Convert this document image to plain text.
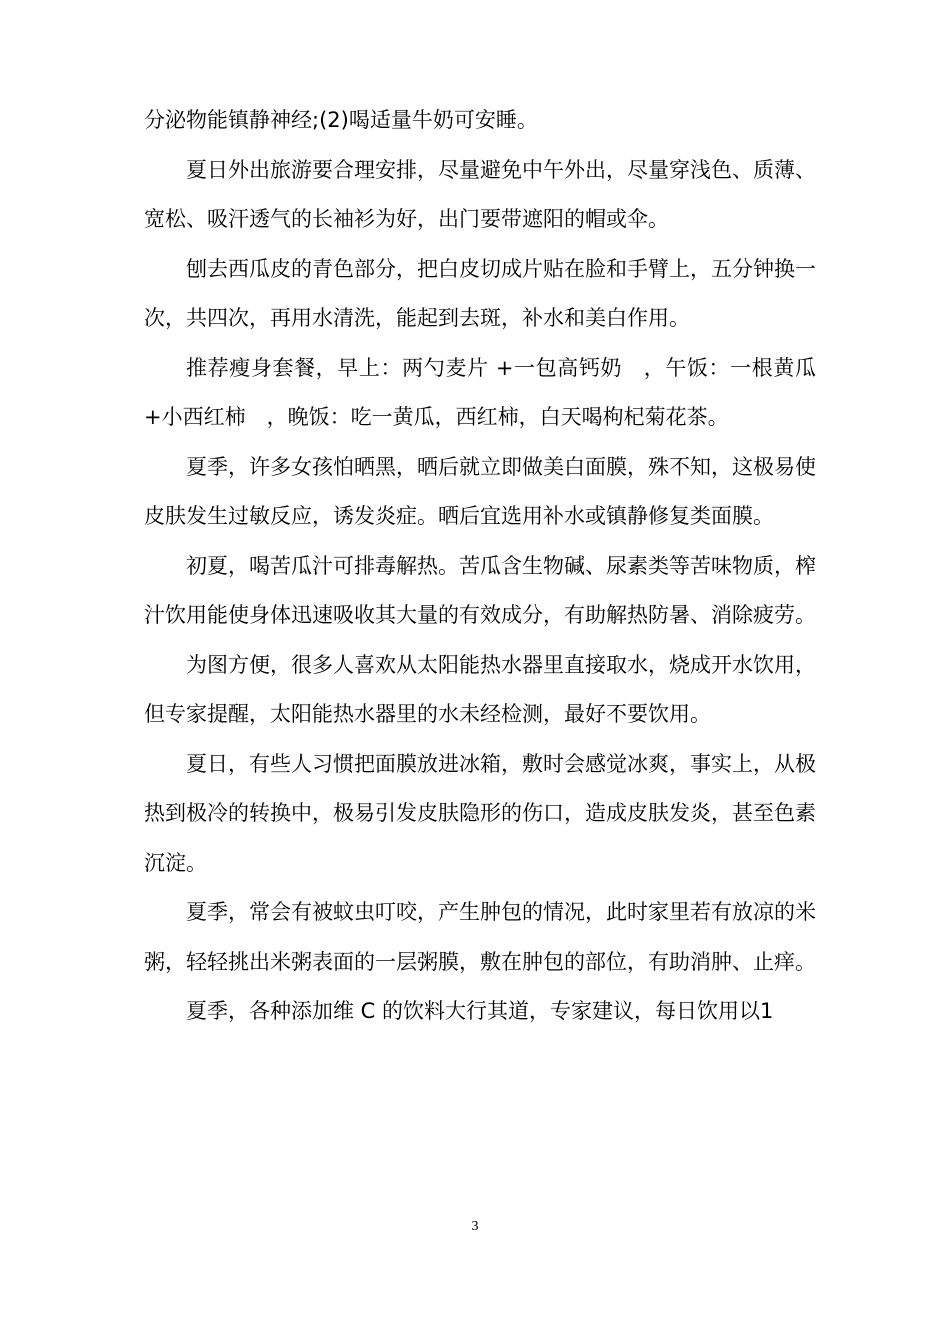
分泌物能镇静神经;(2)喝适量牛奶可安睡。

夏日外出旅游要合理安排，尽量避免中午外出，尽量穿浅色、质薄、宽松、吸汗透气的长袖衫为好，出门要带遮阳的帽或伞。

刨去西瓜皮的青色部分，把白皮切成片贴在脸和手臂上，五分钟换一次，共四次，再用水清洗，能起到去斑，补水和美白作用。

推荐瘦身套餐，早上：两勺麦片 +一包高钙奶　，午饭：一根黄瓜+小西红柿　，晚饭：吃一黄瓜，西红柿，白天喝枸杞菊花茶。

夏季，许多女孩怕晒黑，晒后就立即做美白面膜，殊不知，这极易使皮肤发生过敏反应，诱发炎症。晒后宜选用补水或镇静修复类面膜。

初夏，喝苦瓜汁可排毒解热。苦瓜含生物碱、尿素类等苦味物质，榨汁饮用能使身体迅速吸收其大量的有效成分，有助解热防暑、消除疲劳。

为图方便，很多人喜欢从太阳能热水器里直接取水，烧成开水饮用，但专家提醒，太阳能热水器里的水未经检测，最好不要饮用。

夏日，有些人习惯把面膜放进冰箱，敷时会感觉冰爽，事实上，从极热到极冷的转换中，极易引发皮肤隐形的伤口，造成皮肤发炎，甚至色素沉淀。

夏季，常会有被蚊虫叮咬，产生肿包的情况，此时家里若有放凉的米粥，轻轻挑出米粥表面的一层粥膜，敷在肿包的部位，有助消肿、止痒。

夏季，各种添加维 C 的饮料大行其道，专家建议，每日饮用以1

3
